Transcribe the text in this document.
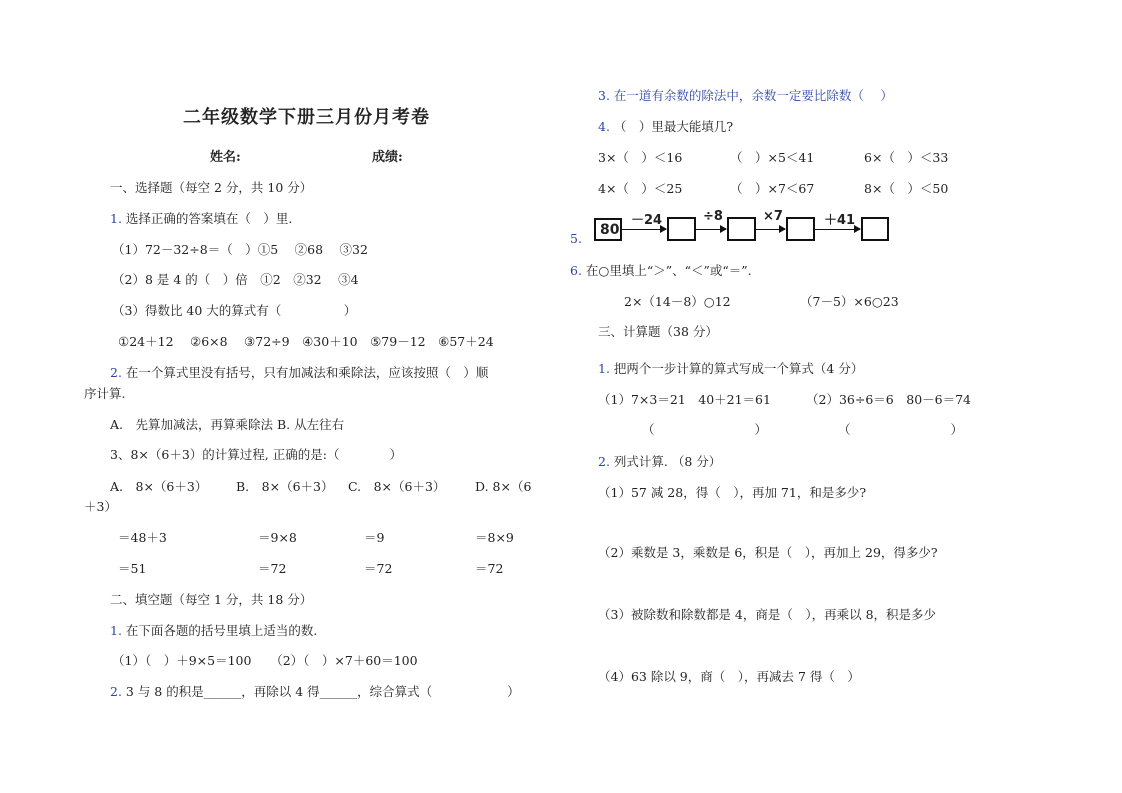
二年级数学下册三月份月考卷
姓名:	成绩:
一、选择题（每空 2 分，共 10 分）
1. 选择正确的答案填在（　）里.
（1）72－32÷8＝（　）①5　 ②68　 ③32
（2）8 是 4 的（　）倍　①2　②32　 ③4
（3）得数比 40 大的算式有（　　　　　）
①24＋12　 ②6×8　 ③72÷9　④30＋10　⑤79－12　⑥57＋24
2. 在一个算式里没有括号，只有加减法和乘除法，应该按照（　）顺
序计算.
A.　先算加减法，再算乘除法 B. 从左往右
3、8×（6＋3）的计算过程, 正确的是:（　　　　）
A.　8×（6＋3） B.　8×（6＋3） C.　8×（6＋3） D. 8×（6
＋3）
＝48＋3	＝9×8	＝9	＝8×9
＝51	＝72	＝72	＝72
二、填空题（每空 1 分，共 18 分）
1. 在下面各题的括号里填上适当的数.
（1）（　）＋9×5＝100　　（2）（　）×7＋60＝100
2. 3 与 8 的积是______，再除以 4 得______，综合算式（　　　　　　）
3. 在一道有余数的除法中，余数一定要比除数（　 ）
4. （　）里最大能填几?
3×（　）＜16	（　）×5＜41	6×（　）＜33
4×（　）＜25	（　）×7＜67	8×（　）＜50
5.
80
－24	÷8	×7	＋41
6. 在○里填上“＞”、“＜”或“＝”.
2×（14－8）○12	（7－5）×6○23
三、计算题（38 分）
1. 把两个一步计算的算式写成一个算式（4 分）
（1）7×3＝21　40＋21＝61	（2）36÷6＝6　80－6＝74
（　　　　　　　　）	（　　　　　　　　）
2. 列式计算. （8 分）
（1）57 减 28，得（　），再加 71，和是多少?
（2）乘数是 3，乘数是 6，积是（　），再加上 29，得多少?
（3）被除数和除数都是 4，商是（　），再乘以 8，积是多少
（4）63 除以 9，商（　），再减去 7 得（　）
